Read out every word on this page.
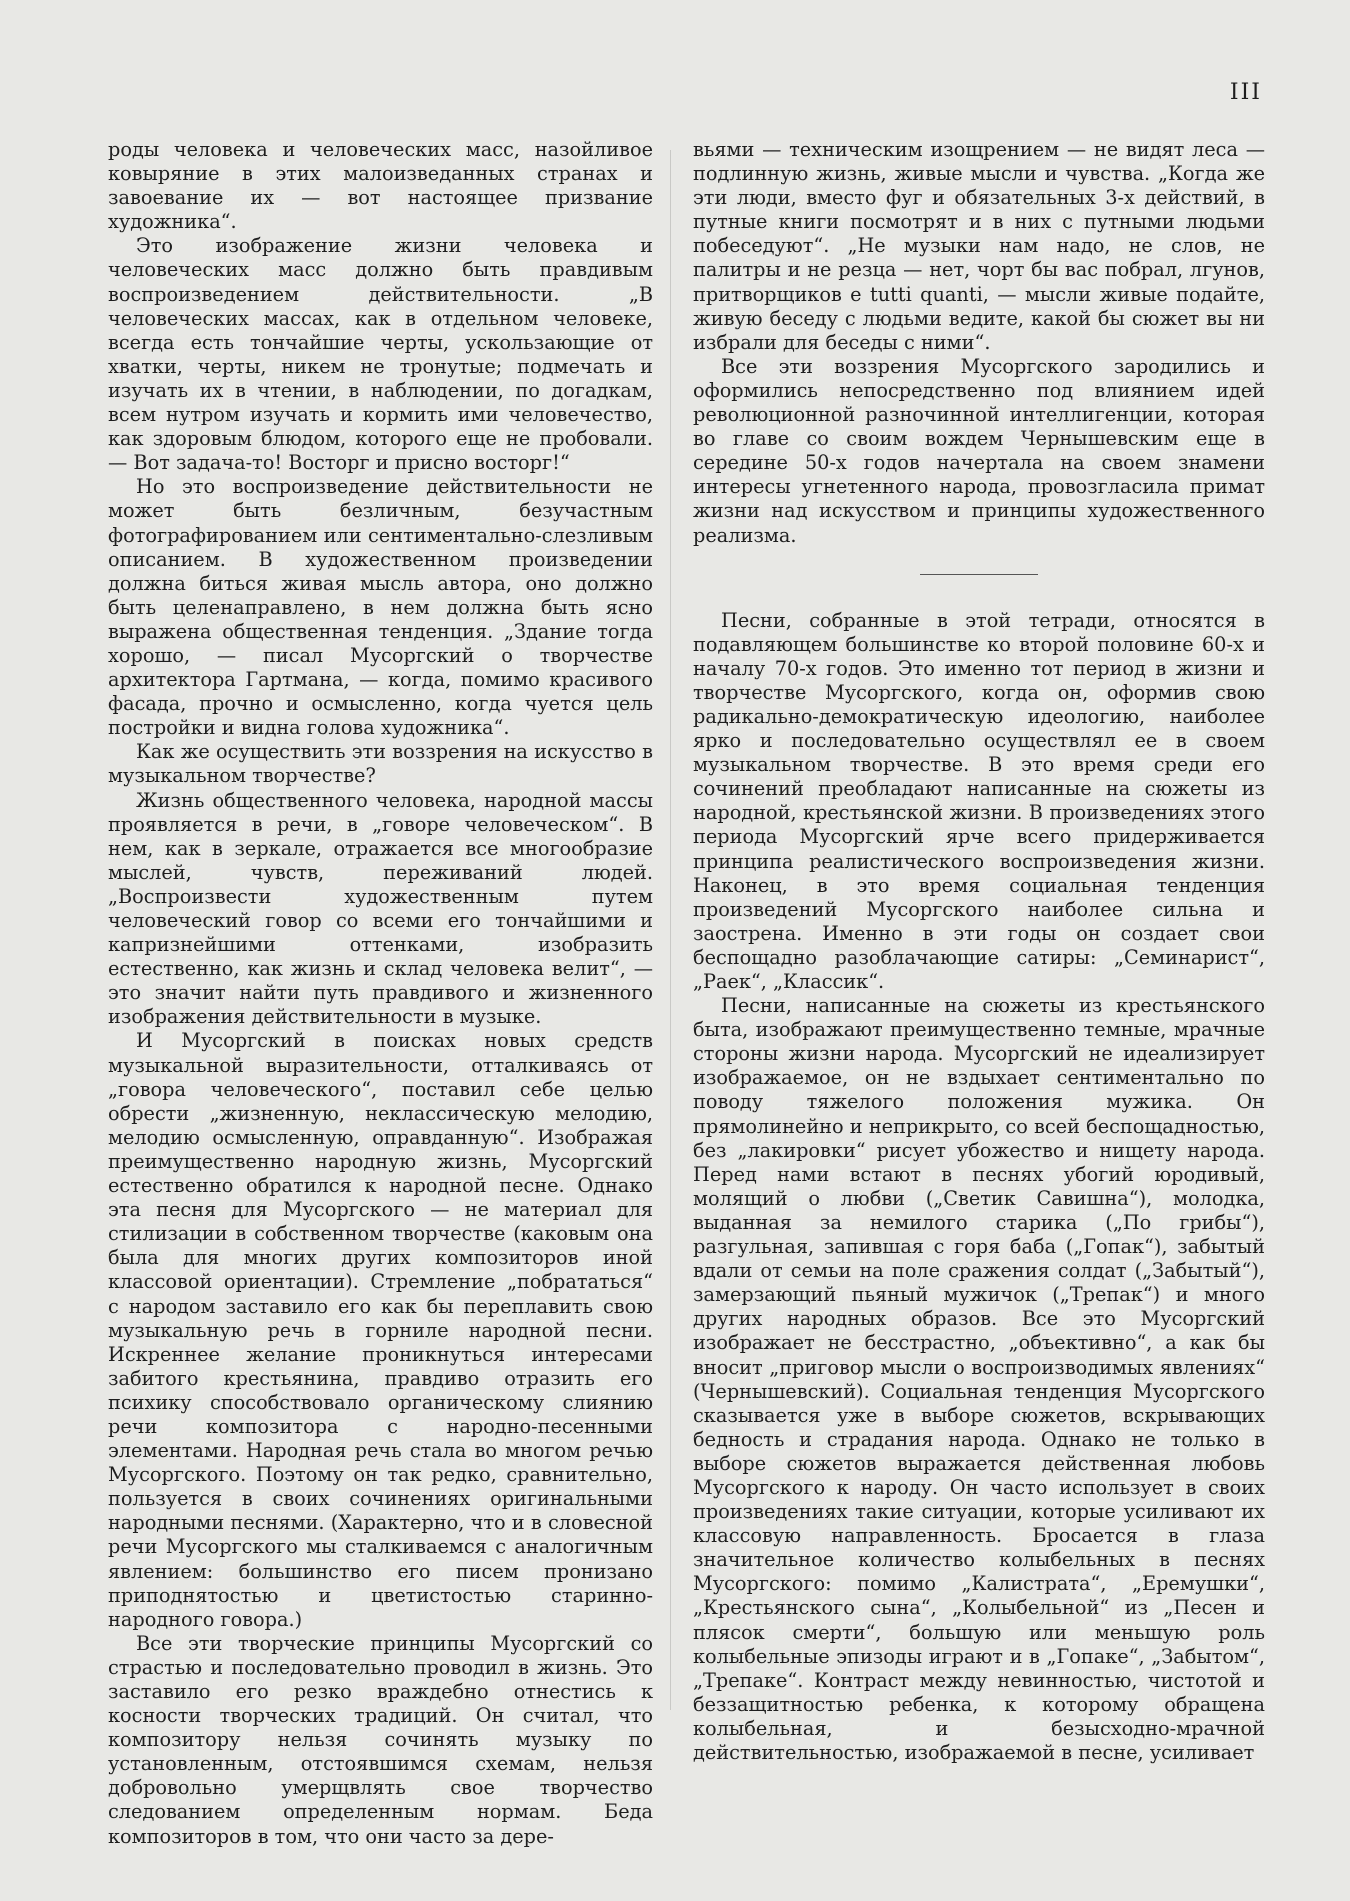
III

роды человека и человеческих масс, назойливое ковыряние в этих малоизведанных странах и завоевание их — вот настоящее призвание художника“.

Это изображение жизни человека и человеческих масс должно быть правдивым воспроизведением действительности. „В человеческих массах, как в отдельном человеке, всегда есть тончайшие черты, ускользающие от хватки, черты, никем не тронутые; подмечать и изучать их в чтении, в наблюдении, по догадкам, всем нутром изучать и кормить ими человечество, как здоровым блюдом, которого еще не пробовали. — Вот задача-то! Восторг и присно восторг!“

Но это воспроизведение действительности не может быть безличным, безучастным фотографированием или сентиментально-слезливым описанием. В художественном произведении должна биться живая мысль автора, оно должно быть целенаправлено, в нем должна быть ясно выражена общественная тенденция. „Здание тогда хорошо, — писал Мусоргский о творчестве архитектора Гартмана, — когда, помимо красивого фасада, прочно и осмысленно, когда чуется цель постройки и видна голова художника“.

Как же осуществить эти воззрения на искусство в музыкальном творчестве?

Жизнь общественного человека, народной массы проявляется в речи, в „говоре человеческом“. В нем, как в зеркале, отражается все многообразие мыслей, чувств, переживаний людей. „Воспроизвести художественным путем человеческий говор со всеми его тончайшими и капризнейшими оттенками, изобразить естественно, как жизнь и склад человека велит“, — это значит найти путь правдивого и жизненного изображения действительности в музыке.

И Мусоргский в поисках новых средств музыкальной выразительности, отталкиваясь от „говора человеческого“, поставил себе целью обрести „жизненную, неклассическую мелодию, мелодию осмысленную, оправданную“. Изображая преимущественно народную жизнь, Мусоргский естественно обратился к народной песне. Однако эта песня для Мусоргского — не материал для стилизации в собственном творчестве (каковым она была для многих других композиторов иной классовой ориентации). Стремление „побрататься“ с народом заставило его как бы переплавить свою музыкальную речь в горниле народной песни. Искреннее желание проникнуться интересами забитого крестьянина, правдиво отразить его психику способствовало органическому слиянию речи композитора с народно-песенными элементами. Народная речь стала во многом речью Мусоргского. Поэтому он так редко, сравнительно, пользуется в своих сочинениях оригинальными народными песнями. (Характерно, что и в словесной речи Мусоргского мы сталкиваемся с аналогичным явлением: большинство его писем пронизано приподнятостью и цветистостью старинно-народного говора.)

Все эти творческие принципы Мусоргский со страстью и последовательно проводил в жизнь. Это заставило его резко враждебно отнестись к косности творческих традиций. Он считал, что композитору нельзя сочинять музыку по установленным, отстоявшимся схемам, нельзя добровольно умерщвлять свое творчество следованием определенным нормам. Беда композиторов в том, что они часто за дере-

вьями — техническим изощрением — не видят леса — подлинную жизнь, живые мысли и чувства. „Когда же эти люди, вместо фуг и обязательных 3-х действий, в путные книги посмотрят и в них с путными людьми побеседуют“. „Не музыки нам надо, не слов, не палитры и не резца — нет, чорт бы вас побрал, лгунов, притворщиков e tutti quanti, — мысли живые подайте, живую беседу с людьми ведите, какой бы сюжет вы ни избрали для беседы с ними“.

Все эти воззрения Мусоргского зародились и оформились непосредственно под влиянием идей революционной разночинной интеллигенции, которая во главе со своим вождем Чернышевским еще в середине 50-х годов начертала на своем знамени интересы угнетенного народа, провозгласила примат жизни над искусством и принципы художественного реализма.

Песни, собранные в этой тетради, относятся в подавляющем большинстве ко второй половине 60-х и началу 70-х годов. Это именно тот период в жизни и творчестве Мусоргского, когда он, оформив свою радикально-демократическую идеологию, наиболее ярко и последовательно осуществлял ее в своем музыкальном творчестве. В это время среди его сочинений преобладают написанные на сюжеты из народной, крестьянской жизни. В произведениях этого периода Мусоргский ярче всего придерживается принципа реалистического воспроизведения жизни. Наконец, в это время социальная тенденция произведений Мусоргского наиболее сильна и заострена. Именно в эти годы он создает свои беспощадно разоблачающие сатиры: „Семинарист“, „Раек“, „Классик“.

Песни, написанные на сюжеты из крестьянского быта, изображают преимущественно темные, мрачные стороны жизни народа. Мусоргский не идеализирует изображаемое, он не вздыхает сентиментально по поводу тяжелого положения мужика. Он прямолинейно и неприкрыто, со всей беспощадностью, без „лакировки“ рисует убожество и нищету народа. Перед нами встают в песнях убогий юродивый, молящий о любви („Светик Савишна“), молодка, выданная за немилого старика („По грибы“), разгульная, запившая с горя баба („Гопак“), забытый вдали от семьи на поле сражения солдат („Забытый“), замерзающий пьяный мужичок („Трепак“) и много других народных образов. Все это Мусоргский изображает не бесстрастно, „объективно“, а как бы вносит „приговор мысли о воспроизводимых явлениях“ (Чернышевский). Социальная тенденция Мусоргского сказывается уже в выборе сюжетов, вскрывающих бедность и страдания народа. Однако не только в выборе сюжетов выражается действенная любовь Мусоргского к народу. Он часто использует в своих произведениях такие ситуации, которые усиливают их классовую направленность. Бросается в глаза значительное количество колыбельных в песнях Мусоргского: помимо „Калистрата“, „Еремушки“, „Крестьянского сына“, „Колыбельной“ из „Песен и плясок смерти“, большую или меньшую роль колыбельные эпизоды играют и в „Гопаке“, „Забытом“, „Трепаке“. Контраст между невинностью, чистотой и беззащитностью ребенка, к которому обращена колыбельная, и безысходно-мрачной действительностью, изображаемой в песне, усиливает
